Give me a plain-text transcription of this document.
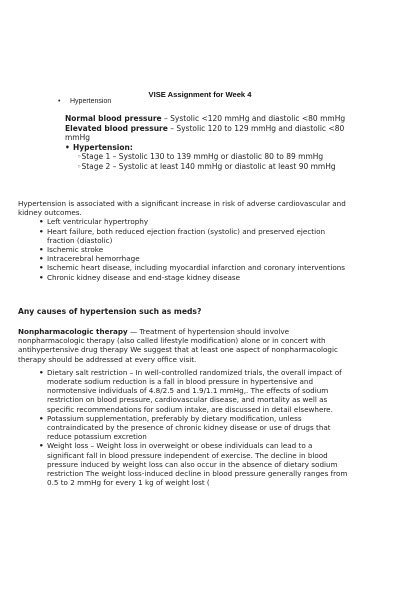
VISE Assignment for Week 4
• Hypertension

Normal blood pressure – Systolic <120 mmHg and diastolic <80 mmHg

Elevated blood pressure – Systolic 120 to 129 mmHg and diastolic <80 mmHg

• Hypertension:

◦Stage 1 – Systolic 130 to 139 mmHg or diastolic 80 to 89 mmHg

◦Stage 2 – Systolic at least 140 mmHg or diastolic at least 90 mmHg

Hypertension is associated with a significant increase in risk of adverse cardiovascular and kidney outcomes.
• Left ventricular hypertrophy
• Heart failure, both reduced ejection fraction (systolic) and preserved ejection fraction (diastolic)
• Ischemic stroke
• Intracerebral hemorrhage
• Ischemic heart disease, including myocardial infarction and coronary interventions
• Chronic kidney disease and end-stage kidney disease
Any causes of hypertension such as meds?
Nonpharmacologic therapy — Treatment of hypertension should involve nonpharmacologic therapy (also called lifestyle modification) alone or in concert with antihypertensive drug therapy We suggest that at least one aspect of nonpharmacologic therapy should be addressed at every office visit.
• Dietary salt restriction – In well-controlled randomized trials, the overall impact of moderate sodium reduction is a fall in blood pressure in hypertensive and normotensive individuals of 4.8/2.5 and 1.9/1.1 mmHg,. The effects of sodium restriction on blood pressure, cardiovascular disease, and mortality as well as specific recommendations for sodium intake, are discussed in detail elsewhere.
• Potassium supplementation, preferably by dietary modification, unless contraindicated by the presence of chronic kidney disease or use of drugs that reduce potassium excretion
• Weight loss – Weight loss in overweight or obese individuals can lead to a significant fall in blood pressure independent of exercise. The decline in blood pressure induced by weight loss can also occur in the absence of dietary sodium restriction The weight loss-induced decline in blood pressure generally ranges from 0.5 to 2 mmHg for every 1 kg of weight lost (
